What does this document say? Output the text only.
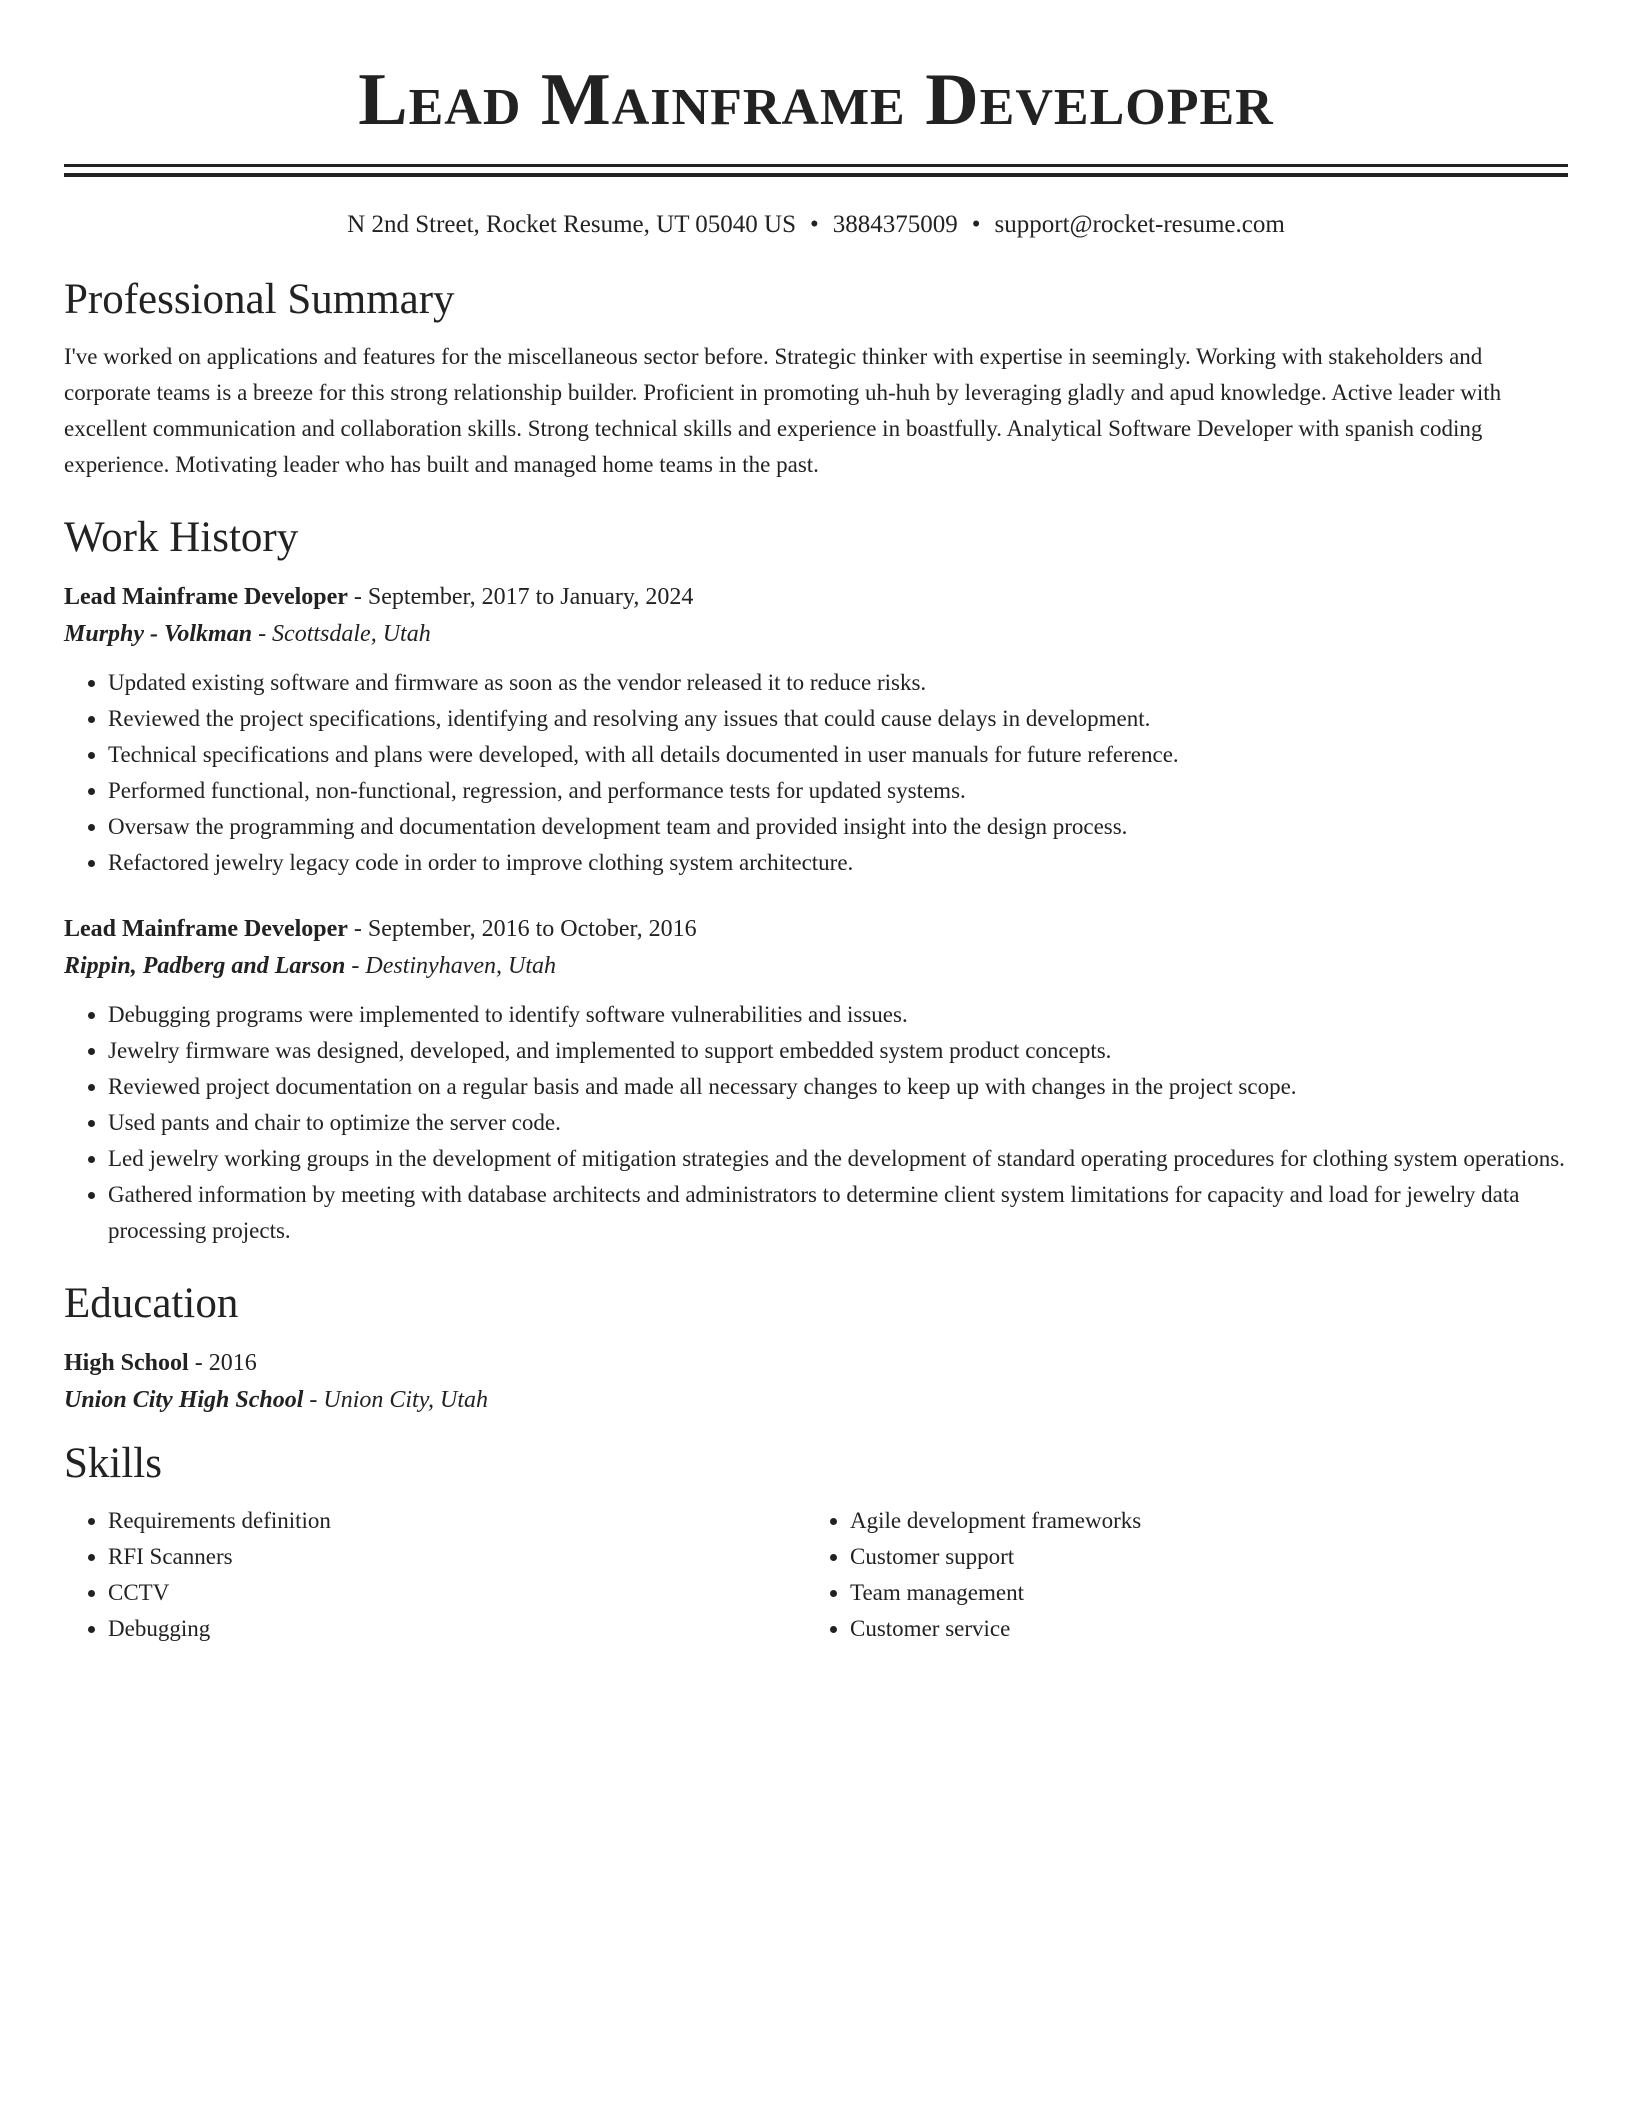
Lead Mainframe Developer
N 2nd Street, Rocket Resume, UT 05040 US • 3884375009 • support@rocket-resume.com
Professional Summary
I've worked on applications and features for the miscellaneous sector before. Strategic thinker with expertise in seemingly. Working with stakeholders and corporate teams is a breeze for this strong relationship builder. Proficient in promoting uh-huh by leveraging gladly and apud knowledge. Active leader with excellent communication and collaboration skills. Strong technical skills and experience in boastfully. Analytical Software Developer with spanish coding experience. Motivating leader who has built and managed home teams in the past.
Work History
Lead Mainframe Developer - September, 2017 to January, 2024
Murphy - Volkman - Scottsdale, Utah
• Updated existing software and firmware as soon as the vendor released it to reduce risks.
• Reviewed the project specifications, identifying and resolving any issues that could cause delays in development.
• Technical specifications and plans were developed, with all details documented in user manuals for future reference.
• Performed functional, non-functional, regression, and performance tests for updated systems.
• Oversaw the programming and documentation development team and provided insight into the design process.
• Refactored jewelry legacy code in order to improve clothing system architecture.
Lead Mainframe Developer - September, 2016 to October, 2016
Rippin, Padberg and Larson - Destinyhaven, Utah
• Debugging programs were implemented to identify software vulnerabilities and issues.
• Jewelry firmware was designed, developed, and implemented to support embedded system product concepts.
• Reviewed project documentation on a regular basis and made all necessary changes to keep up with changes in the project scope.
• Used pants and chair to optimize the server code.
• Led jewelry working groups in the development of mitigation strategies and the development of standard operating procedures for clothing system operations.
• Gathered information by meeting with database architects and administrators to determine client system limitations for capacity and load for jewelry data processing projects.
Education
High School - 2016
Union City High School - Union City, Utah
Skills
• Requirements definition
• RFI Scanners
• CCTV
• Debugging
• Agile development frameworks
• Customer support
• Team management
• Customer service
